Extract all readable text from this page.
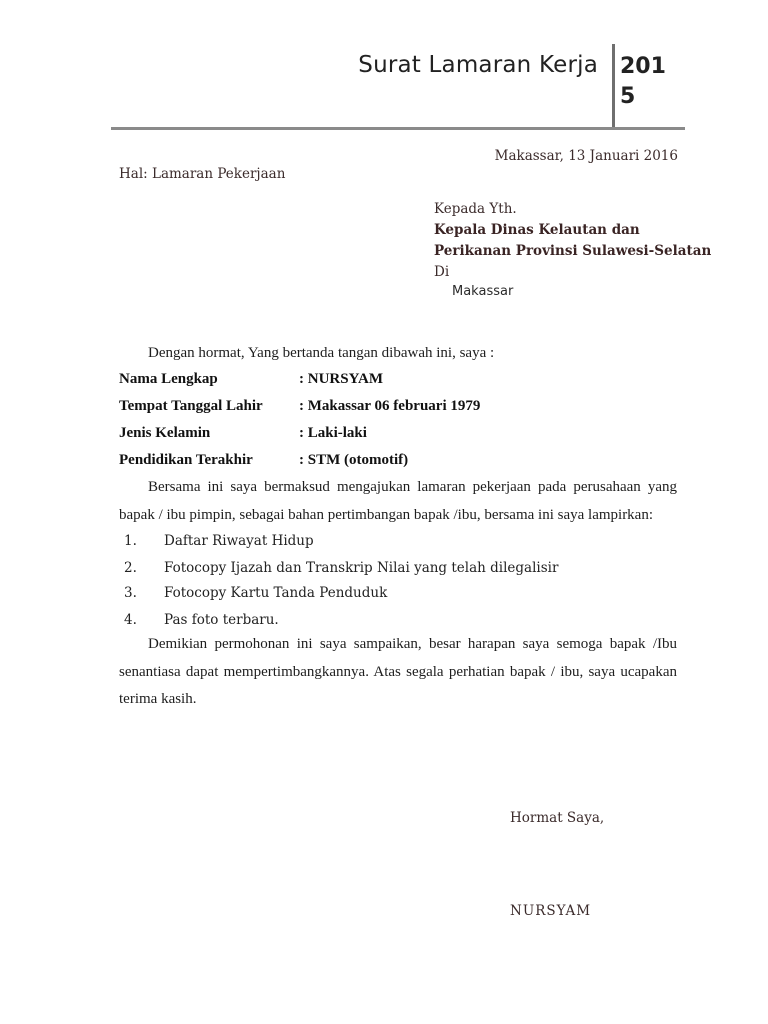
Surat Lamaran Kerja 201
5
Makassar, 13 Januari 2016
Hal: Lamaran Pekerjaan
Kepada Yth.
Kepala Dinas Kelautan dan
Perikanan Provinsi Sulawesi-Selatan
Di
Makassar
Dengan hormat, Yang bertanda tangan dibawah ini, saya :
Nama Lengkap	: NURSYAM
Tempat Tanggal Lahir : Makassar 06 februari 1979
Jenis Kelamin	: Laki-laki
Pendidikan Terakhir	: STM (otomotif)
Bersama ini saya bermaksud mengajukan lamaran pekerjaan pada perusahaan yang bapak / ibu pimpin, sebagai bahan pertimbangan bapak /ibu, bersama ini saya lampirkan:
1. Daftar Riwayat Hidup
2. Fotocopy Ijazah dan Transkrip Nilai yang telah dilegalisir
3. Fotocopy Kartu Tanda Penduduk
4. Pas foto terbaru.
Demikian permohonan ini saya sampaikan, besar harapan saya semoga bapak /Ibu senantiasa dapat mempertimbangkannya. Atas segala perhatian bapak / ibu, saya ucapakan terima kasih.
Hormat Saya,
NURSYAM
